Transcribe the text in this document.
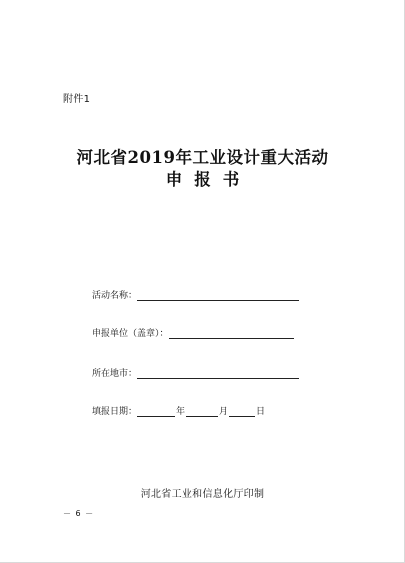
附件1
河北省2019年工业设计重大活动
申报书
活动名称：
申报单位（盖章）：
所在地市：
填报日期：	年	月	日
河北省工业和信息化厅印制
－ 6 －
